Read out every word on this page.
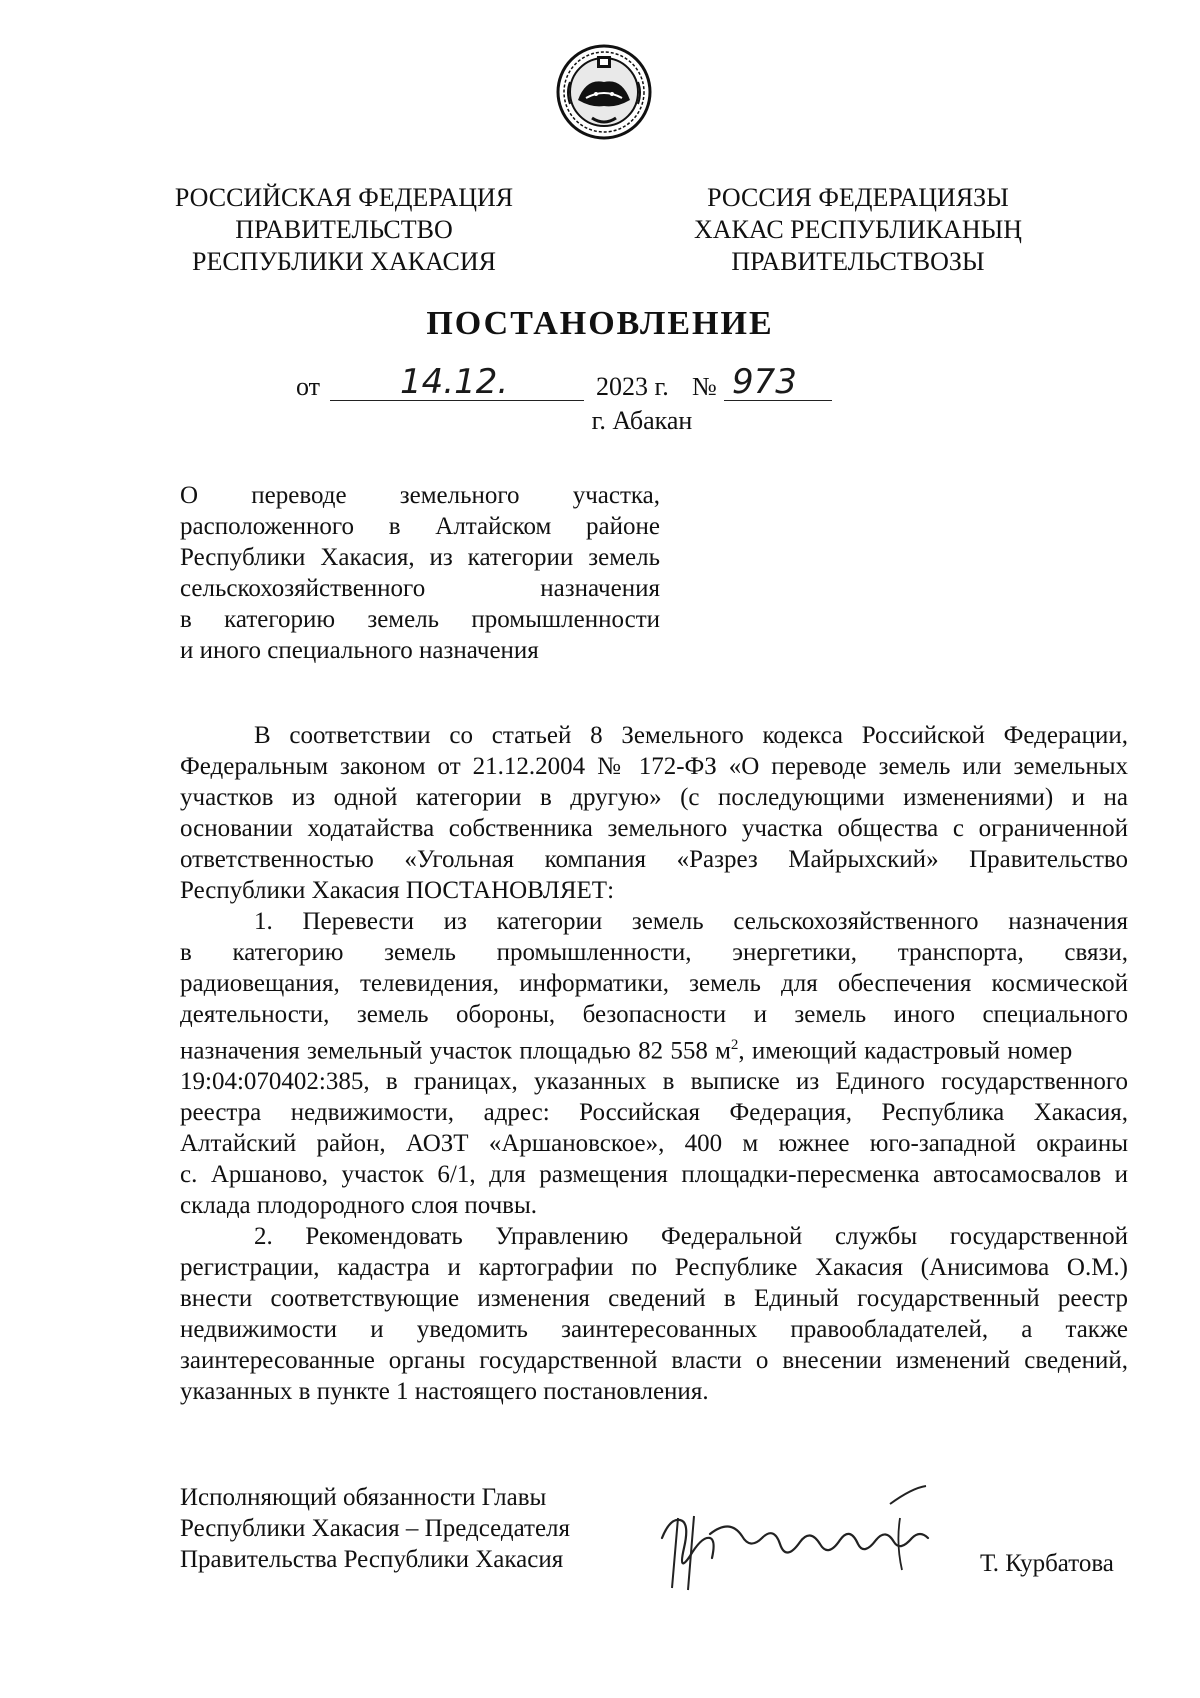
РОССИЙСКАЯ ФЕДЕРАЦИЯ
ПРАВИТЕЛЬСТВО
РЕСПУБЛИКИ ХАКАСИЯ
РОССИЯ ФЕДЕРАЦИЯЗЫ
ХАКАС РЕСПУБЛИКАНЫҢ
ПРАВИТЕЛЬСТВОЗЫ
ПОСТАНОВЛЕНИЕ
от 14.12.	2023 г. № 973
г. Абакан
О переводе земельного участка,
расположенного в Алтайском районе
Республики Хакасия, из категории земель
сельскохозяйственного назначения
в категорию земель промышленности
и иного специального назначения
В соответствии со статьей 8 Земельного кодекса Российской Федерации,
Федеральным законом от 21.12.2004 № 172-ФЗ «О переводе земель или земельных
участков из одной категории в другую» (с последующими изменениями) и на
основании ходатайства собственника земельного участка общества с ограниченной
ответственностью «Угольная компания «Разрез Майрыхский» Правительство
Республики Хакасия ПОСТАНОВЛЯЕТ:
1. Перевести из категории земель сельскохозяйственного назначения
в категорию земель промышленности, энергетики, транспорта, связи,
радиовещания, телевидения, информатики, земель для обеспечения космической
деятельности, земель обороны, безопасности и земель иного специального
назначения земельный участок площадью 82 558 $м^2$, имеющий кадастровый номер
19:04:070402:385, в границах, указанных в выписке из Единого государственного
реестра недвижимости, адрес: Российская Федерация, Республика Хакасия,
Алтайский район, АОЗТ «Аршановское», 400 м южнее юго-западной окраины
с. Аршаново, участок 6/1, для размещения площадки-пересменка автосамосвалов и
склада плодородного слоя почвы.
2. Рекомендовать Управлению Федеральной службы государственной
регистрации, кадастра и картографии по Республике Хакасия (Анисимова О.М.)
внести соответствующие изменения сведений в Единый государственный реестр
недвижимости и уведомить заинтересованных правообладателей, а также
заинтересованные органы государственной власти о внесении изменений сведений,
указанных в пункте 1 настоящего постановления.
Исполняющий обязанности Главы
Республики Хакасия – Председателя
Правительства Республики Хакасия	Т. Курбатова
